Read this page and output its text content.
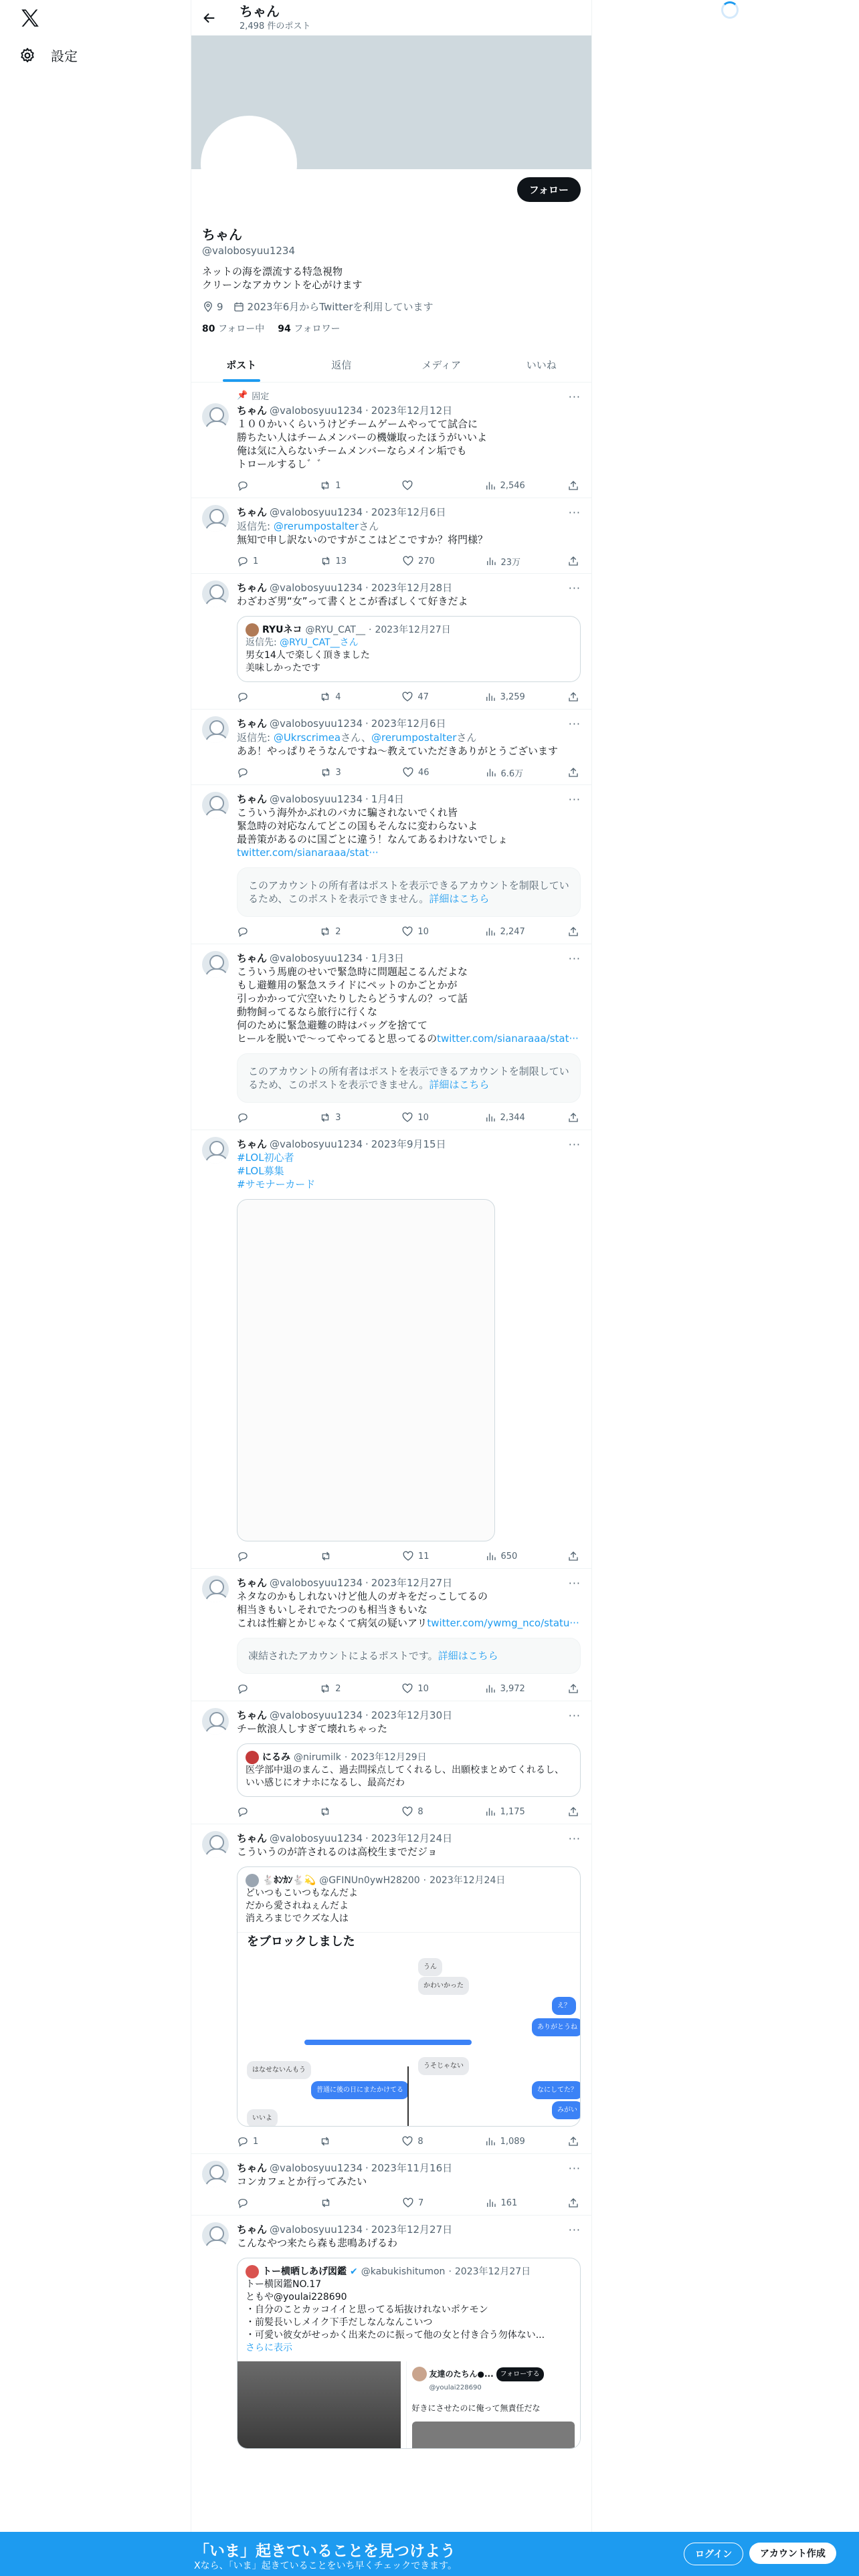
設定
ちゃん
2,498 件のポスト
フォロー
ちゃん
@valobosyuu1234
ネットの海を漂流する特急視物
クリーンなアカウントを心がけます
9 2023年6月からTwitterを利用しています
80 フォロー中 94 フォロワー
ポスト	返信	メディア	いいね
📌 固定	···
ちゃん @valobosyuu1234 · 2023年12月12日
１００かいくらいうけどチームゲームやってて試合に
勝ちたい人はチームメンバーの機嫌取ったほうがいいよ
俺は気に入らないチームメンバーならメイン垢でも
トロールするし゛゛
1	2,546
···
ちゃん @valobosyuu1234 · 2023年12月6日
返信先: @rerumpostalterさん
無知で申し訳ないのですがここはどこですか？将門様？
1	13	270	23万
···
ちゃん @valobosyuu1234 · 2023年12月28日
わざわざ男“女”って書くとこが香ばしくて好きだよ
RYUネコ @RYU_CAT__ · 2023年12月27日
返信先: @RYU_CAT__さん
男女14人で楽しく頂きました
美味しかったです
4	47	3,259
···
ちゃん @valobosyuu1234 · 2023年12月6日
返信先: @Ukrscrimeaさん、@rerumpostalterさん
ああ！やっぱりそうなんですね〜教えていただきありがとうございます
3	46	6.6万
···
ちゃん @valobosyuu1234 · 1月4日
こういう海外かぶれのバカに騙されないでくれ皆
緊急時の対応なんてどこの国もそんなに変わらないよ
最善策があるのに国ごとに違う！なんてあるわけないでしょ
twitter.com/sianaraaa/stat···
このアカウントの所有者はポストを表示できるアカウントを制限しているため、このポストを表示できません。詳細はこちら
2	10	2,247
···
ちゃん @valobosyuu1234 · 1月3日
こういう馬鹿のせいで緊急時に問題起こるんだよな
もし避難用の緊急スライドにペットのかごとかが
引っかかって穴空いたりしたらどうすんの？って話
動物飼ってるなら旅行に行くな
何のために緊急避難の時はバッグを捨てて
ヒールを脱いで〜ってやってると思ってるのtwitter.com/sianaraaa/stat···
このアカウントの所有者はポストを表示できるアカウントを制限しているため、このポストを表示できません。詳細はこちら
3	10	2,344
···
ちゃん @valobosyuu1234 · 2023年9月15日
#LOL初心者
#LOL募集
#サモナーカード
11	650
···
ちゃん @valobosyuu1234 · 2023年12月27日
ネタなのかもしれないけど他人のガキをだっこしてるの
相当きもいしそれでたつのも相当きもいな
これは性癖とかじゃなくて病気の疑いアリtwitter.com/ywmg_nco/statu···
凍結されたアカウントによるポストです。詳細はこちら
2	10	3,972
···
ちゃん @valobosyuu1234 · 2023年12月30日
チー飲浪人しすぎて壊れちゃった
にるみ @nirumilk · 2023年12月29日
医学部中退のまんこ、過去問採点してくれるし、出願校まとめてくれるし、いい感じにオナホになるし、最高だわ
8	1,175
···
ちゃん @valobosyuu1234 · 2023年12月24日
こういうのが許されるのは高校生までだジョ
🐇ﾎﾝｶﾝ🐇💫 @GFINUn0ywH28200 · 2023年12月24日
どいつもこいつもなんだよ
だから愛されねぇんだよ
消えろまじでクズな人は
をブロックしました
うん
かわいかった
え？
ありがとうね
はなせないんもう
うそじゃない
普通に後の日にまたかけてる	なにしてた？
みがい
いいよ
1	8	1,089
···
ちゃん @valobosyuu1234 · 2023年11月16日
コンカフェとか行ってみたい
7	161
···
ちゃん @valobosyuu1234 · 2023年12月27日
こんなやつ来たら森も悲鳴あげるわ
トー横晒しあげ図鑑 ✔ @kabukishitumon · 2023年12月27日
トー横図鑑NO.17
ともや@youlai228690
・自分のことカッコイイと思ってる垢抜けれないポケモン
・前髪長いしメイク下手だしなんなんこいつ
・可愛い彼女がせっかく出来たのに振って他の女と付き合う勿体ない...
さらに表示
友達のたちん●...	フォローする
@youlai228690
好きにさせたのに俺って無責任だな
「いま」起きていることを見つけよう
Xなら、「いま」起きていることをいち早くチェックできます。
ログイン	アカウント作成
